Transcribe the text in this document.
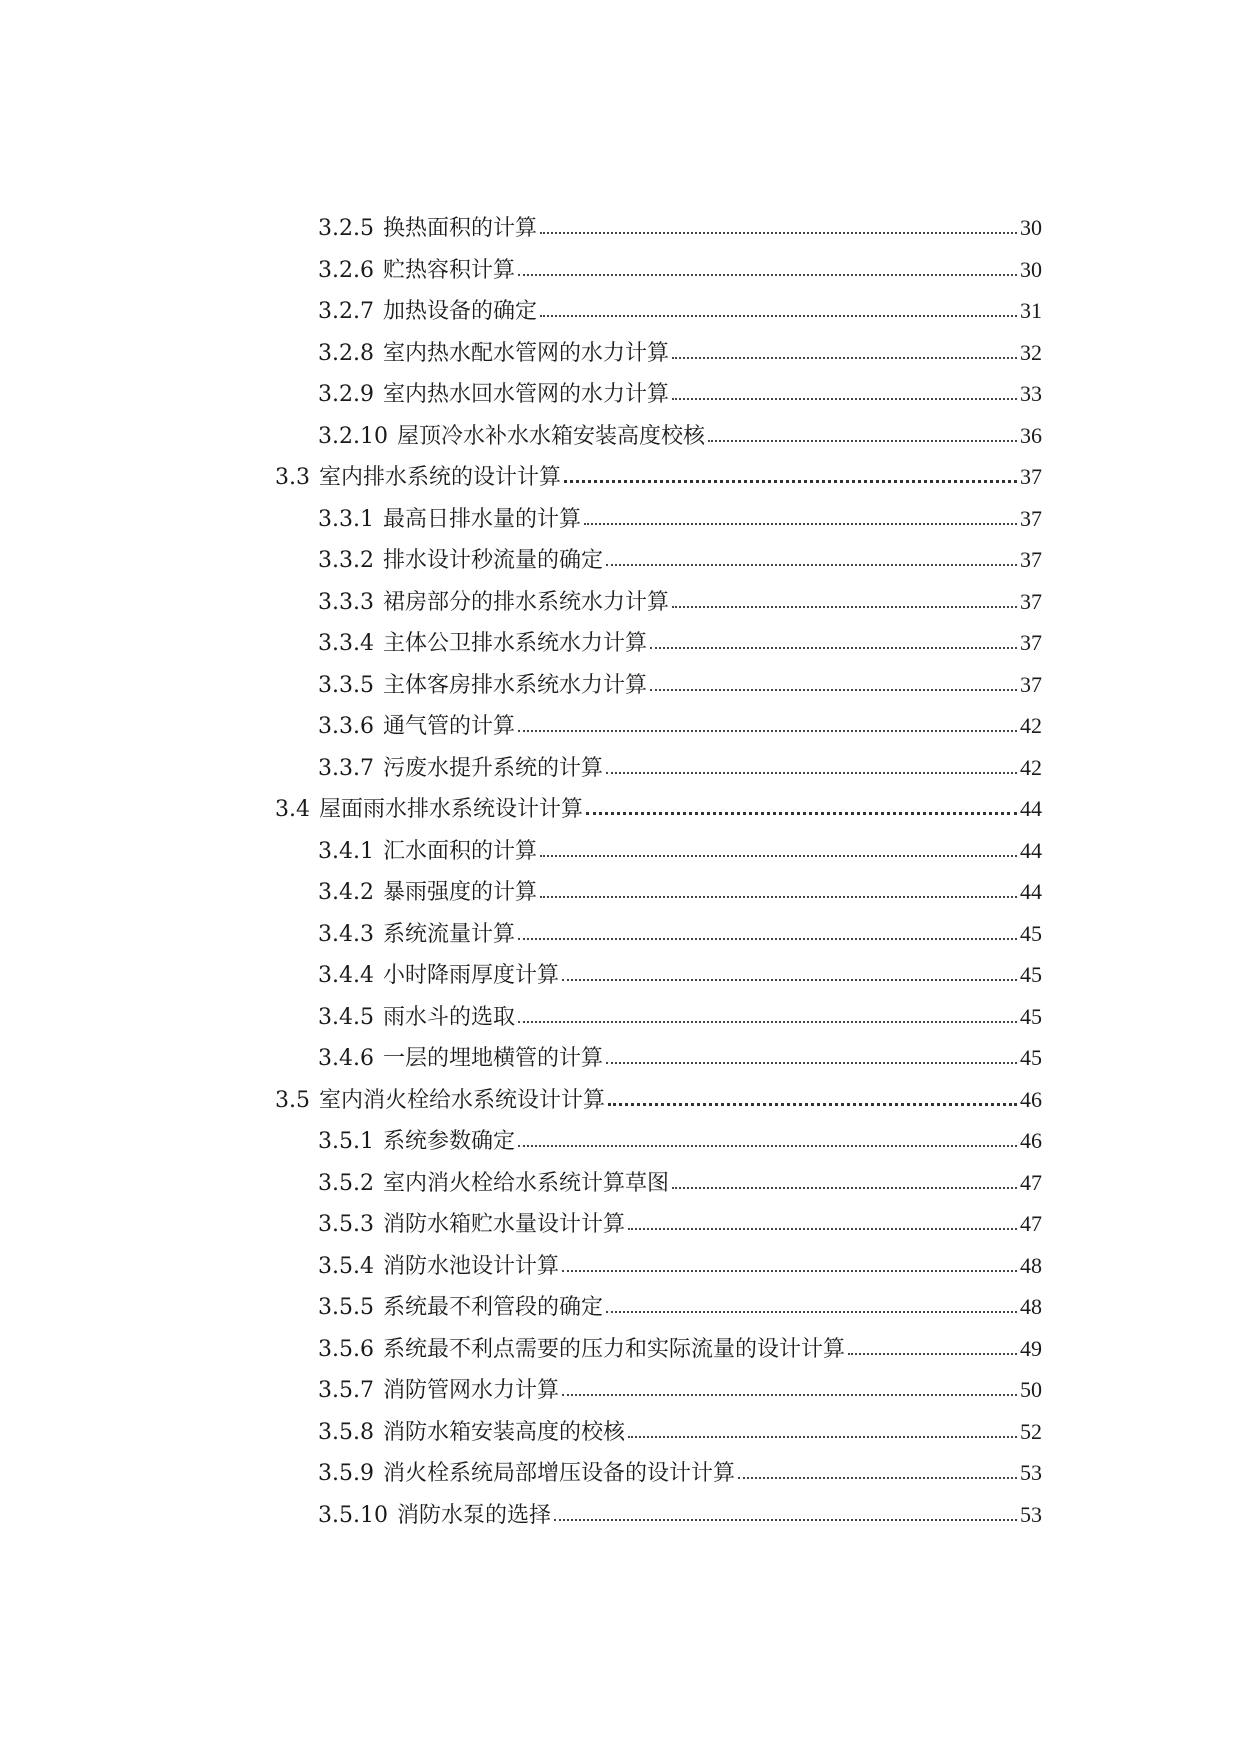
3.2.5 换热面积的计算	30
3.2.6 贮热容积计算	30
3.2.7 加热设备的确定	31
3.2.8 室内热水配水管网的水力计算	32
3.2.9 室内热水回水管网的水力计算	33
3.2.10 屋顶冷水补水水箱安装高度校核	36
3.3 室内排水系统的设计计算	37
3.3.1 最高日排水量的计算	37
3.3.2 排水设计秒流量的确定	37
3.3.3 裙房部分的排水系统水力计算	37
3.3.4 主体公卫排水系统水力计算	37
3.3.5 主体客房排水系统水力计算	37
3.3.6 通气管的计算	42
3.3.7 污废水提升系统的计算	42
3.4 屋面雨水排水系统设计计算	44
3.4.1 汇水面积的计算	44
3.4.2 暴雨强度的计算	44
3.4.3 系统流量计算	45
3.4.4 小时降雨厚度计算	45
3.4.5 雨水斗的选取	45
3.4.6 一层的埋地横管的计算	45
3.5 室内消火栓给水系统设计计算	46
3.5.1 系统参数确定	46
3.5.2 室内消火栓给水系统计算草图	47
3.5.3 消防水箱贮水量设计计算	47
3.5.4 消防水池设计计算	48
3.5.5 系统最不利管段的确定	48
3.5.6 系统最不利点需要的压力和实际流量的设计计算	49
3.5.7 消防管网水力计算	50
3.5.8 消防水箱安装高度的校核	52
3.5.9 消火栓系统局部增压设备的设计计算	53
3.5.10 消防水泵的选择	53
